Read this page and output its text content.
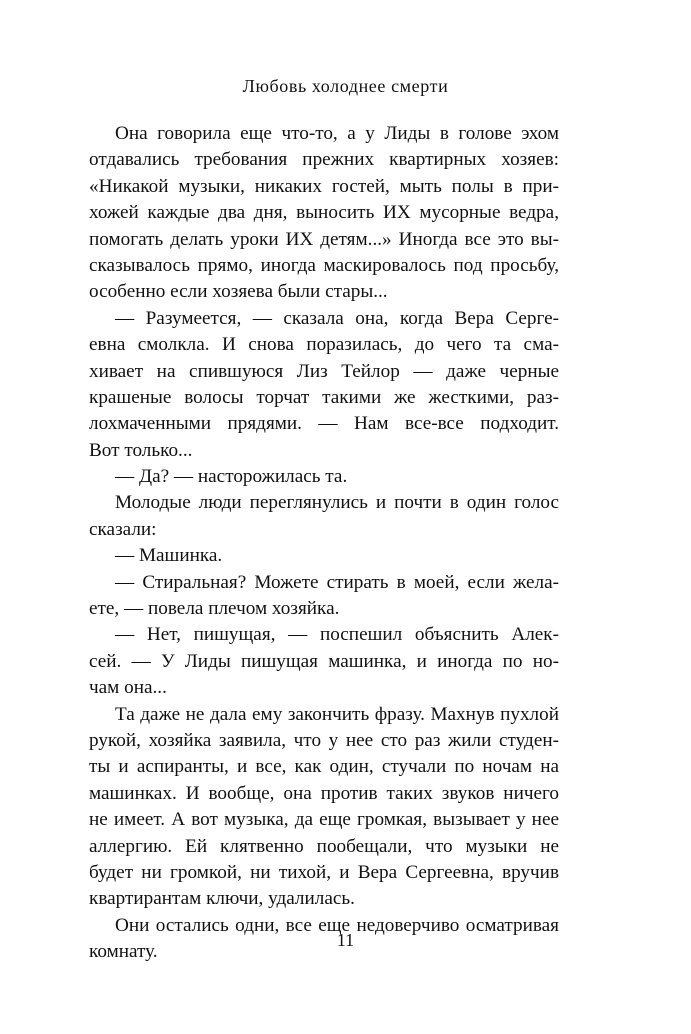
Любовь холоднее смерти
Она говорила еще что-то, а у Лиды в голове эхом
отдавались требования прежних квартирных хозяев:
«Никакой музыки, никаких гостей, мыть полы в при-
хожей каждые два дня, выносить ИХ мусорные ведра,
помогать делать уроки ИХ детям...» Иногда все это вы-
сказывалось прямо, иногда маскировалось под просьбу,
особенно если хозяева были стары...
— Разумеется, — сказала она, когда Вера Серге-
евна смолкла. И снова поразилась, до чего та сма-
хивает на спившуюся Лиз Тейлор — даже черные
крашеные волосы торчат такими же жесткими, раз-
лохмаченными прядями. — Нам все-все подходит.
Вот только...
— Да? — насторожилась та.
Молодые люди переглянулись и почти в один голос
сказали:
— Машинка.
— Стиральная? Можете стирать в моей, если жела-
ете, — повела плечом хозяйка.
— Нет, пишущая, — поспешил объяснить Алек-
сей. — У Лиды пишущая машинка, и иногда по но-
чам она...
Та даже не дала ему закончить фразу. Махнув пухлой
рукой, хозяйка заявила, что у нее сто раз жили студен-
ты и аспиранты, и все, как один, стучали по ночам на
машинках. И вообще, она против таких звуков ничего
не имеет. А вот музыка, да еще громкая, вызывает у нее
аллергию. Ей клятвенно пообещали, что музыки не
будет ни громкой, ни тихой, и Вера Сергеевна, вручив
квартирантам ключи, удалилась.
Они остались одни, все еще недоверчиво осматривая
комнату.
11
